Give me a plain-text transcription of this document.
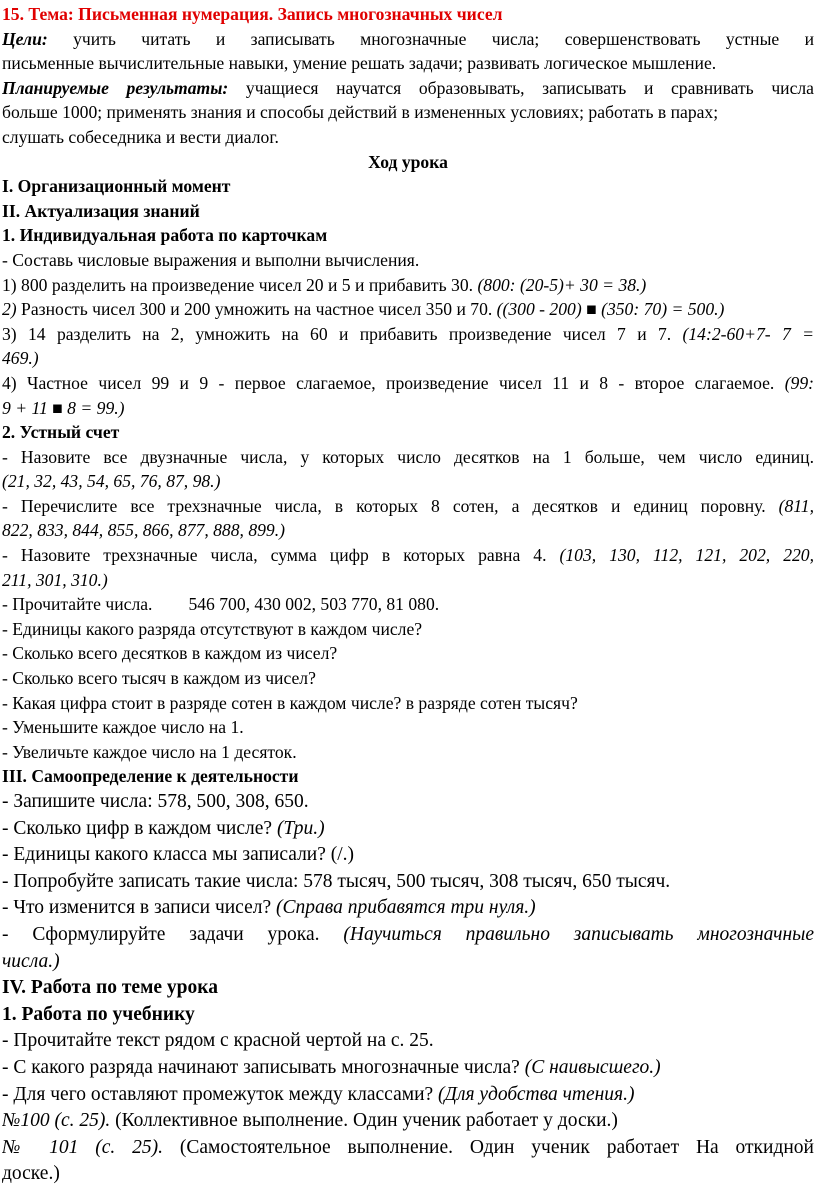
15. Тема: Письменная нумерация. Запись многозначных чисел
Цели: учить читать и записывать многозначные числа; совершенствовать устные и
письменные вычислительные навыки, умение решать задачи; развивать логическое мышление.
Планируемые результаты: учащиеся научатся образовывать, записывать и сравнивать числа
больше 1000; применять знания и способы действий в измененных условиях; работать в парах;
слушать собеседника и вести диалог.
Ход урока
I. Организационный момент
II. Актуализация знаний
1. Индивидуальная работа по карточкам
- Составь числовые выражения и выполни вычисления.
1) 800 разделить на произведение чисел 20 и 5 и прибавить 30. (800: (20-5)+ 30 = 38.)
2) Разность чисел 300 и 200 умножить на частное чисел 350 и 70. ((300 - 200) ■ (350: 70) = 500.)
3) 14 разделить на 2, умножить на 60 и прибавить произведение чисел 7 и 7. (14:2-60+7- 7 =
469.)
4) Частное чисел 99 и 9 - первое слагаемое, произведение чисел 11 и 8 - второе слагаемое. (99:
9 + 11 ■ 8 = 99.)
2. Устный счет
- Назовите все двузначные числа, у которых число десятков на 1 больше, чем число единиц.
(21, 32, 43, 54, 65, 76, 87, 98.)
- Перечислите все трехзначные числа, в которых 8 сотен, а десятков и единиц поровну. (811,
822, 833, 844, 855, 866, 877, 888, 899.)
- Назовите трехзначные числа, сумма цифр в которых равна 4. (103, 130, 112, 121, 202, 220,
211, 301, 310.)
- Прочитайте числа. 546 700, 430 002, 503 770, 81 080.
- Единицы какого разряда отсутствуют в каждом числе?
- Сколько всего десятков в каждом из чисел?
- Сколько всего тысяч в каждом из чисел?
- Какая цифра стоит в разряде сотен в каждом числе? в разряде сотен тысяч?
- Уменьшите каждое число на 1.
- Увеличьте каждое число на 1 десяток.
III. Самоопределение к деятельности
- Запишите числа: 578, 500, 308, 650.
- Сколько цифр в каждом числе? (Три.)
- Единицы какого класса мы записали? (/.)
- Попробуйте записать такие числа: 578 тысяч, 500 тысяч, 308 тысяч, 650 тысяч.
- Что изменится в записи чисел? (Справа прибавятся три нуля.)
- Сформулируйте задачи урока. (Научиться правильно записывать многозначные
числа.)
IV. Работа по теме урока
1. Работа по учебнику
- Прочитайте текст рядом с красной чертой на с. 25.
- С какого разряда начинают записывать многозначные числа? (С наивысшего.)
- Для чего оставляют промежуток между классами? (Для удобства чтения.)
№100 (с. 25). (Коллективное выполнение. Один ученик работает у доски.)
№ 101 (с. 25). (Самостоятельное выполнение. Один ученик работает На откидной
доске.)
